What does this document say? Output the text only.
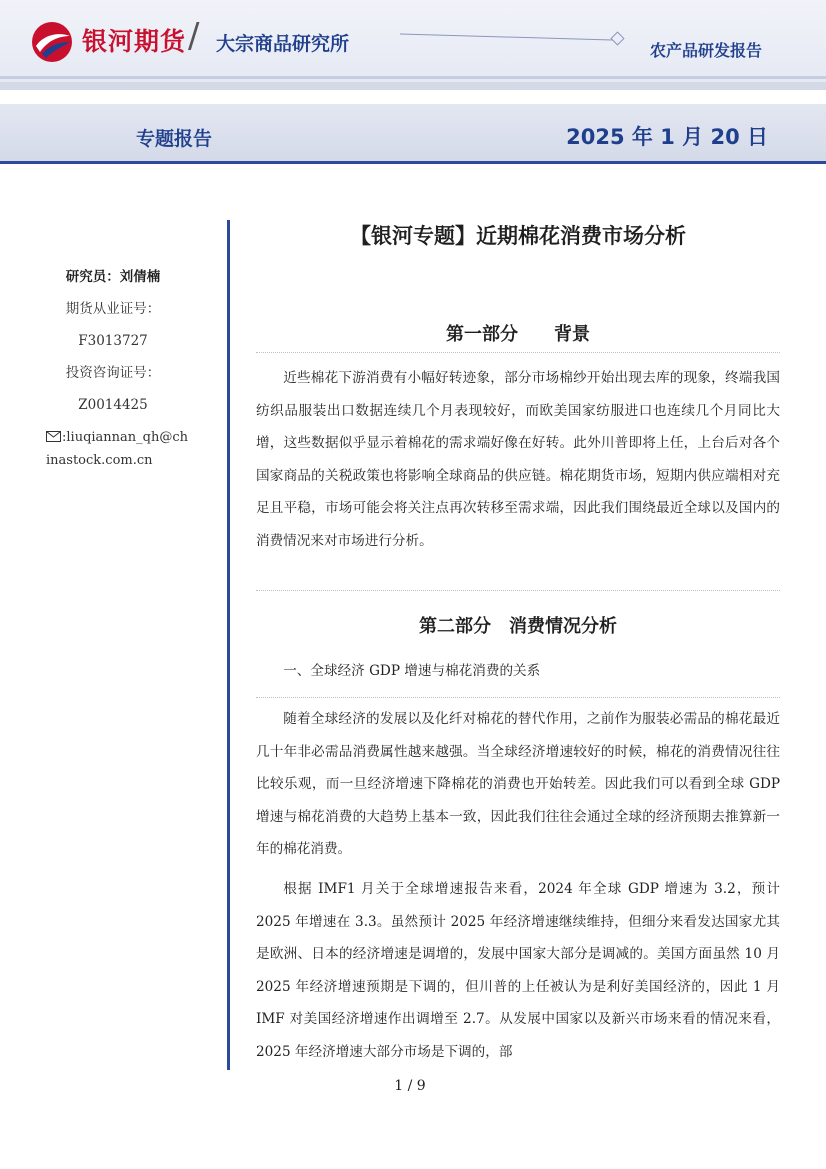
银河期货 / 大宗商品研究所	农产品研发报告
专题报告	2025 年 1 月 20 日
研究员：刘倩楠
期货从业证号：
F3013727
投资咨询证号：
Z0014425
:liuqiannan_qh@ch
inastock.com.cn
【银河专题】近期棉花消费市场分析
第一部分　　背景

近些棉花下游消费有小幅好转迹象，部分市场棉纱开始出现去库的现象，终端我国纺织品服装出口数据连续几个月表现较好，而欧美国家纺服进口也连续几个月同比大增，这些数据似乎显示着棉花的需求端好像在好转。此外川普即将上任，上台后对各个国家商品的关税政策也将影响全球商品的供应链。棉花期货市场，短期内供应端相对充足且平稳，市场可能会将关注点再次转移至需求端，因此我们围绕最近全球以及国内的消费情况来对市场进行分析。

第二部分　消费情况分析
一、全球经济 GDP 增速与棉花消费的关系

随着全球经济的发展以及化纤对棉花的替代作用，之前作为服装必需品的棉花最近几十年非必需品消费属性越来越强。当全球经济增速较好的时候，棉花的消费情况往往比较乐观，而一旦经济增速下降棉花的消费也开始转差。因此我们可以看到全球 GDP 增速与棉花消费的大趋势上基本一致，因此我们往往会通过全球的经济预期去推算新一年的棉花消费。

根据 IMF1 月关于全球增速报告来看，2024 年全球 GDP 增速为 3.2，预计 2025 年增速在 3.3。虽然预计 2025 年经济增速继续维持，但细分来看发达国家尤其是欧洲、日本的经济增速是调增的，发展中国家大部分是调减的。美国方面虽然 10 月 2025 年经济增速预期是下调的，但川普的上任被认为是利好美国经济的，因此 1 月 IMF 对美国经济增速作出调增至 2.7。从发展中国家以及新兴市场来看的情况来看，2025 年经济增速大部分市场是下调的，部

1 / 9
